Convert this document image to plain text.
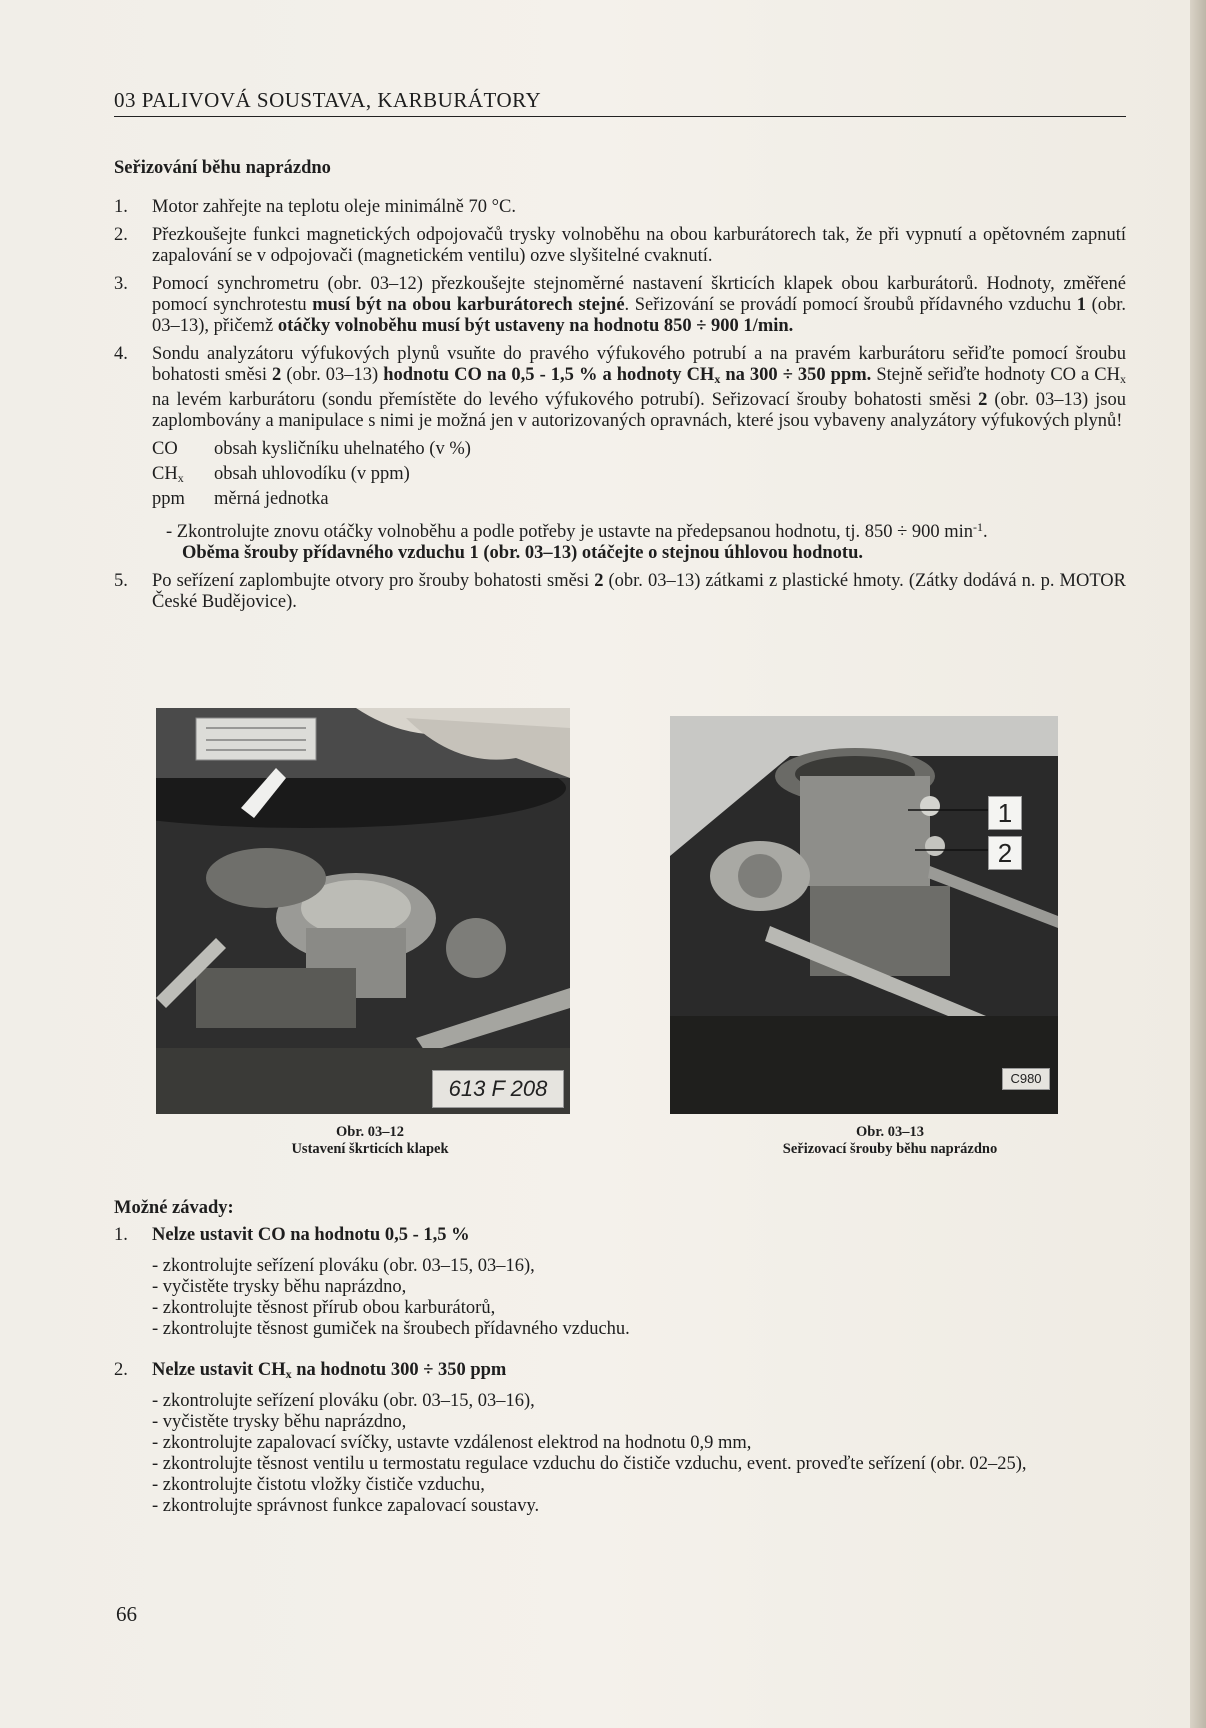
03 PALIVOVÁ SOUSTAVA, KARBURÁTORY
Seřizování běhu naprázdno
1. Motor zahřejte na teplotu oleje minimálně 70 °C.
2. Přezkoušejte funkci magnetických odpojovačů trysky volnoběhu na obou karburátorech tak, že při vypnutí a opětovném zapnutí zapalování se v odpojovači (magnetickém ventilu) ozve slyšitelné cvaknutí.
3. Pomocí synchrometru (obr. 03–12) přezkoušejte stejnoměrné nastavení škrticích klapek obou karburátorů. Hodnoty, změřené pomocí synchrotestu musí být na obou karburátorech stejné. Seřizování se provádí pomocí šroubů přídavného vzduchu 1 (obr. 03–13), přičemž otáčky volnoběhu musí být ustaveny na hodnotu 850 ÷ 900 1/min.
4. Sondu analyzátoru výfukových plynů vsuňte do pravého výfukového potrubí a na pravém karburátoru seřiďte pomocí šroubu bohatosti směsi 2 (obr. 03–13) hodnotu CO na 0,5 - 1,5 % a hodnoty $CH_x$ na 300 ÷ 350 ppm. Stejně seřiďte hodnoty CO a $CH_x$ na levém karburátoru (sondu přemístěte do levého výfukového potrubí). Seřizovací šrouby bohatosti směsi 2 (obr. 03–13) jsou zaplombovány a manipulace s nimi je možná jen v autorizovaných opravnách, které jsou vybaveny analyzátory výfukových plynů!
CO	obsah kysličníku uhelnatého (v %)
$CH_x$	obsah uhlovodíku (v ppm)
ppm	měrná jednotka
- Zkontrolujte znovu otáčky volnoběhu a podle potřeby je ustavte na předepsanou hodnotu, tj. 850 ÷ 900 $\min^{-1}$.
Oběma šrouby přídavného vzduchu 1 (obr. 03–13) otáčejte o stejnou úhlovou hodnotu.
5. Po seřízení zaplombujte otvory pro šrouby bohatosti směsi 2 (obr. 03–13) zátkami z plastické hmoty. (Zátky dodává n. p. MOTOR České Budějovice).
613 F 208
Obr. 03–12
Ustavení škrticích klapek
1
2
C980
Obr. 03–13
Seřizovací šrouby běhu naprázdno
Možné závady:
1. Nelze ustavit CO na hodnotu 0,5 - 1,5 %
- zkontrolujte seřízení plováku (obr. 03–15, 03–16),
- vyčistěte trysky běhu naprázdno,
- zkontrolujte těsnost přírub obou karburátorů,
- zkontrolujte těsnost gumiček na šroubech přídavného vzduchu.
2. Nelze ustavit $CH_x$ na hodnotu 300 ÷ 350 ppm
- zkontrolujte seřízení plováku (obr. 03–15, 03–16),
- vyčistěte trysky běhu naprázdno,
- zkontrolujte zapalovací svíčky, ustavte vzdálenost elektrod na hodnotu 0,9 mm,
- zkontrolujte těsnost ventilu u termostatu regulace vzduchu do čističe vzduchu, event. proveďte seřízení (obr. 02–25),
- zkontrolujte čistotu vložky čističe vzduchu,
- zkontrolujte správnost funkce zapalovací soustavy.
66
